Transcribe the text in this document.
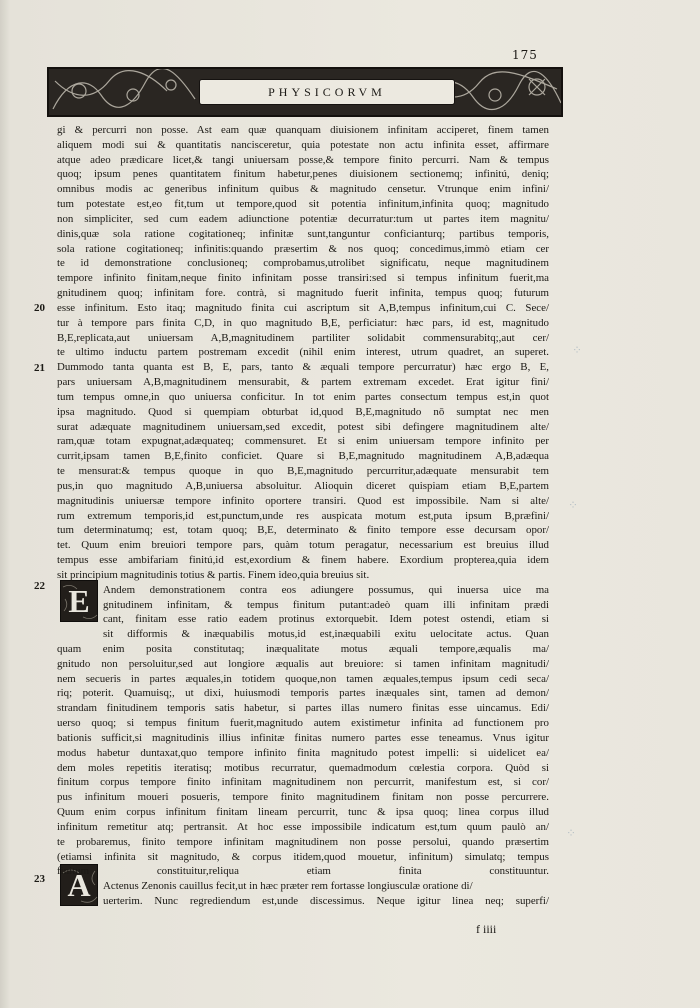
175
PHYSICORVM
20
21
22
23
E
A
gi & percurri non posse. Ast eam quæ quanquam diuisionem infinitam acciperet, finem tamen
aliquem modi sui & quantitatis nancisceretur, quia potestate non actu infinita esset, affirmare
atque adeo prædicare licet,& tangi uniuersam posse,& tempore finito percurri. Nam & tempus
quoq; ipsum penes quantitatem finitum habetur,penes diuisionem sectionemq; infinitú, deniq;
omnibus modis ac generibus infinitum quibus & magnitudo censetur. Vtrunque enim infini/
tum potestate est,eo fit,tum ut tempore,quod sit potentia infinitum,infinita quoq; magnitudo
non simpliciter, sed cum eadem adiunctione potentiæ decurratur:tum ut partes item magnitu/
dinis,quæ sola ratione cogitationeq; infinitæ sunt,tanguntur conficianturq; partibus temporis,
sola ratione cogitationeq; infinitis:quando præsertim & nos quoq; concedimus,immò etiam cer
te id demonstratione conclusioneq; comprobamus,utrolibet significatu, neque magnitudinem
tempore infinito finitam,neque finito infinitam posse transiri:sed si tempus infinitum fuerit,ma
gnitudinem quoq; infinitam fore. contrà, si magnitudo fuerit infinita, tempus quoq; futurum
esse infinitum. Esto itaq; magnitudo finita cui ascriptum sit A,B,tempus infinitum,cui C. Sece/
tur à tempore pars finita C,D, in quo magnitudo B,E, perficiatur: hæc pars, id est, magnitudo
B,E,replicata,aut uniuersam A,B,magnitudinem partiliter solidabit commensurabitq;,aut cer/
te ultimo inductu partem postremam excedit (nihil enim interest, utrum quadret, an superet.
Dummodo tanta quanta est B, E, pars, tanto & æquali tempore percurratur) hæc ergo B, E,
pars uniuersam A,B,magnitudinem mensurabit, & partem extremam excedet. Erat igitur fini/
tum tempus omne,in quo uniuersa conficitur. In tot enim partes consectum tempus est,in quot
ipsa magnitudo. Quod si quempiam obturbat id,quod B,E,magnitudo nō sumptat nec men
surat adæquate magnitudinem uniuersam,sed excedit, potest sibi defingere magnitudinem alte/
ram,quæ totam expugnat,adæquateq; commensuret. Et si enim uniuersam tempore infinito per
currit,ipsam tamen B,E,finito conficiet. Quare si B,E,magnitudo magnitudinem A,B,adæqua
te mensurat:& tempus quoque in quo B,E,magnitudo percurritur,adæquate mensurabit tem
pus,in quo magnitudo A,B,uniuersa absoluitur. Alioquin diceret quispiam etiam B,E,partem
magnitudinis uniuersæ tempore infinito oportere transiri. Quod est impossibile. Nam si alte/
rum extremum temporis,id est,punctum,unde res auspicata motum est,puta ipsum B,præfini/
tum determinatumq; est, totam quoq; B,E, determinato & finito tempore esse decursam opor/
tet. Quum enim breuiori tempore pars, quàm totum peragatur, necessarium est breuius illud
tempus esse ambifariam finitú,id est,exordium & finem habere. Exordium propterea,quia idem
sit principium magnitudinis totius & partis. Finem ideo,quia breuius sit.
Andem demonstrationem contra eos adiungere possumus, qui inuersa uice ma
gnitudinem infinitam, & tempus finitum putant:adeò quam illi infinitam prædi
cant, finitam esse ratio eadem protinus extorquebit. Idem potest ostendi, etiam si
sit difformis & inæquabilis motus,id est,inæquabili exitu uelocitate actus. Quan
quam enim posita constitutaq; inæqualitate motus æquali tempore,æqualis ma/
gnitudo non persoluitur,sed aut longiore æqualis aut breuiore: si tamen infinitam magnitudi/
nem secueris in partes æquales,in totidem quoque,non tamen æquales,tempus ipsum cedi seca/
riq; poterit. Quamuisq;, ut dixi, huiusmodi temporis partes inæquales sint, tamen ad demon/
strandam finitudinem temporis satis habetur, si partes illas numero finitas esse uincamus. Edi/
uerso quoq; si tempus finitum fuerit,magnitudo autem existimetur infinita ad functionem pro
bationis sufficit,si magnitudinis illius infinitæ finitas numero partes esse teneamus. Vnus igitur
modus habetur duntaxat,quo tempore infinito finita magnitudo potest impelli: si uidelicet ea/
dem moles repetitis iteratisq; motibus recurratur, quemadmodum cœlestia corpora. Quòd si
finitum corpus tempore finito infinitam magnitudinem non percurrit, manifestum est, si cor/
pus infinitum moueri posueris, tempore finito magnitudinem finitam non posse percurrere.
Quum enim corpus infinitum finitam lineam percurrit, tunc & ipsa quoq; linea corpus illud
infinitum remetitur atq; pertransit. At hoc esse impossibile indicatum est,tum quum paulò an/
te probaremus, finito tempore infinitam magnitudinem non posse persolui, quando præsertim
(etiamsi infinita sit magnitudo, & corpus itidem,quod mouetur, infinitum) simulatq; tempus
finitum constituitur,reliqua etiam finita constituuntur.
Actenus Zenonis cauillus fecit,ut in hæc præter rem fortasse longiusculæ oratione di/
uerterim. Nunc regrediendum est,unde discessimus. Neque igitur linea neq; superfi/
f iiii
⁘
⁘
⁘
